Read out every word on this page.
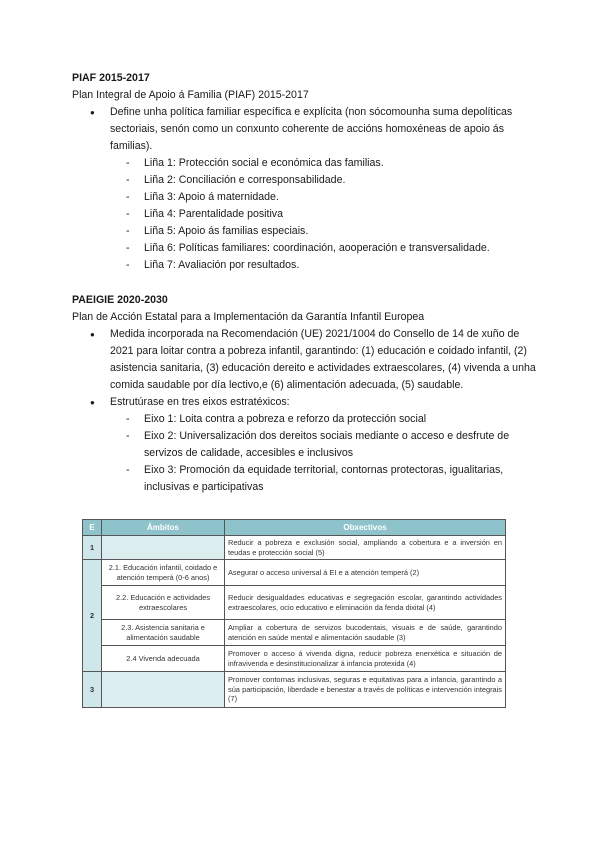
PIAF 2015-2017
Plan Integral de Apoio á Familia (PIAF) 2015-2017
● Define unha política familiar específica e explícita (non sócomounha suma depolíticas sectoriais, senón como un conxunto coherente de accións homoxéneas de apoio ás familias).
- Liña 1: Protección social e económica das familias.
- Liña 2: Conciliación e corresponsabilidade.
- Liña 3: Apoio á maternidade.
- Liña 4: Parentalidade positiva
- Liña 5: Apoio ás familias especiais.
- Liña 6: Políticas familiares: coordinación, aooperación e transversalidade.
- Liña 7: Avaliación por resultados.
PAEIGIE 2020-2030
Plan de Acción Estatal para a Implementación da Garantía Infantil Europea
● Medida incorporada na Recomendación (UE) 2021/1004 do Consello de 14 de xuño de 2021 para loitar contra a pobreza infantil, garantindo: (1) educación e coidado infantil, (2) asistencia sanitaria, (3) educación dereito e actividades extraescolares, (4) vivenda a unha comida saudable por día lectivo,e (6) alimentación adecuada, (5) saudable.
● Estrutúrase en tres eixos estratéxicos:
- Eixo 1: Loita contra a pobreza e reforzo da protección social
- Eixo 2: Universalización dos dereitos sociais mediante o acceso e desfrute de servizos de calidade, accesibles e inclusivos
- Eixo 3: Promoción da equidade territorial, contornas protectoras, igualitarias, inclusivas e participativas
E	Ámbitos	Obxectivos
1		Reducir a pobreza e exclusión social, ampliando a cobertura e a inversión en teudas e protección social (5)
2	2.1. Educación infantil, coidado e atención temperá (0-6 anos)	Asegurar o acceso universal á EI e a atención temperá (2)
	2.2. Educación e actividades extraescolares	Reducir desigualdades educativas e segregación escolar, garantindo actividades extraescolares, ocio educativo e eliminación da fenda dixital (4)
	2.3. Asistencia sanitaria e alimentación saudable	Ampliar a cobertura de servizos bucodentais, visuais e de saúde, garantindo atención en saúde mental e alimentación saudable (3)
	2.4 Vivenda adecuada	Promover o acceso á vivenda digna, reducir pobreza enerxética e situación de infravivenda e desinstitucionalizar á infancia protexida (4)
3		Promover contornas inclusivas, seguras e equitativas para a infancia, garantindo a súa participación, liberdade e benestar a través de políticas e intervención integrais (7)
